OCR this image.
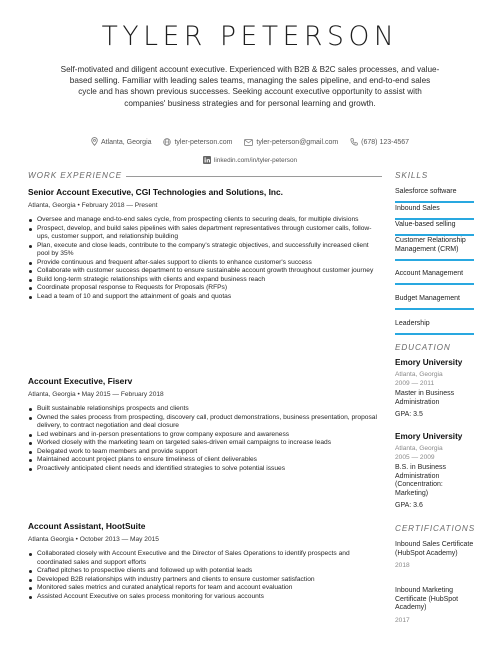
TYLER PETERSON
Self-motivated and diligent account executive. Experienced with B2B & B2C sales processes, and value-based selling. Familiar with leading sales teams, managing the sales pipeline, and end-to-end sales cycle and has shown previous successes. Seeking account executive opportunity to assist with companies' business strategies and for personal learning and growth.
Atlanta, Georgia	tyler-peterson.com	tyler-peterson@gmail.com	(678) 123-4567
linkedin.com/in/tyler-peterson
WORK EXPERIENCE
Senior Account Executive, CGI Technologies and Solutions, Inc.
Atlanta, Georgia • February 2018 — Present
Oversee and manage end-to-end sales cycle, from prospecting clients to securing deals, for multiple divisions
Prospect, develop, and build sales pipelines with sales department representatives through customer calls, follow-ups, customer support, and relationship building
Plan, execute and close leads, contribute to the company's strategic objectives, and successfully increased client pool by 35%
Provide continuous and frequent after-sales support to clients to enhance customer's success
Collaborate with customer success department to ensure sustainable account growth throughout customer journey
Build long-term strategic relationships with clients and expand business reach
Coordinate proposal response to Requests for Proposals (RFPs)
Lead a team of 10 and support the attainment of goals and quotas
Account Executive, Fiserv
Atlanta, Georgia • May 2015 — February 2018
Built sustainable relationships prospects and clients
Owned the sales process from prospecting, discovery call, product demonstrations, business presentation, proposal delivery, to contract negotiation and deal closure
Led webinars and in-person presentations to grow company exposure and awareness
Worked closely with the marketing team on targeted sales-driven email campaigns to increase leads
Delegated work to team members and provide support
Maintained account project plans to ensure timeliness of client deliverables
Proactively anticipated client needs and identified strategies to solve potential issues
Account Assistant, HootSuite
Atlanta Georgia • October 2013 — May 2015
Collaborated closely with Account Executive and the Director of Sales Operations to identify prospects and coordinated sales and support efforts
Crafted pitches to prospective clients and followed up with potential leads
Developed B2B relationships with industry partners and clients to ensure customer satisfaction
Monitored sales metrics and curated analytical reports for team and account evaluation
Assisted Account Executive on sales process monitoring for various accounts
SKILLS
Salesforce software
Inbound Sales
Value-based selling
Customer Relationship Management (CRM)
Account Management
Budget Management
Leadership
EDUCATION
Emory University
Atlanta, Georgia
2009 — 2011
Master in Business Administration
GPA: 3.5
Emory University
Atlanta, Georgia
2005 — 2009
B.S. in Business Administration (Concentration: Marketing)
GPA: 3.6
CERTIFICATIONS
Inbound Sales Certificate (HubSpot Academy)
2018
Inbound Marketing Certificate (HubSpot Academy)
2017
